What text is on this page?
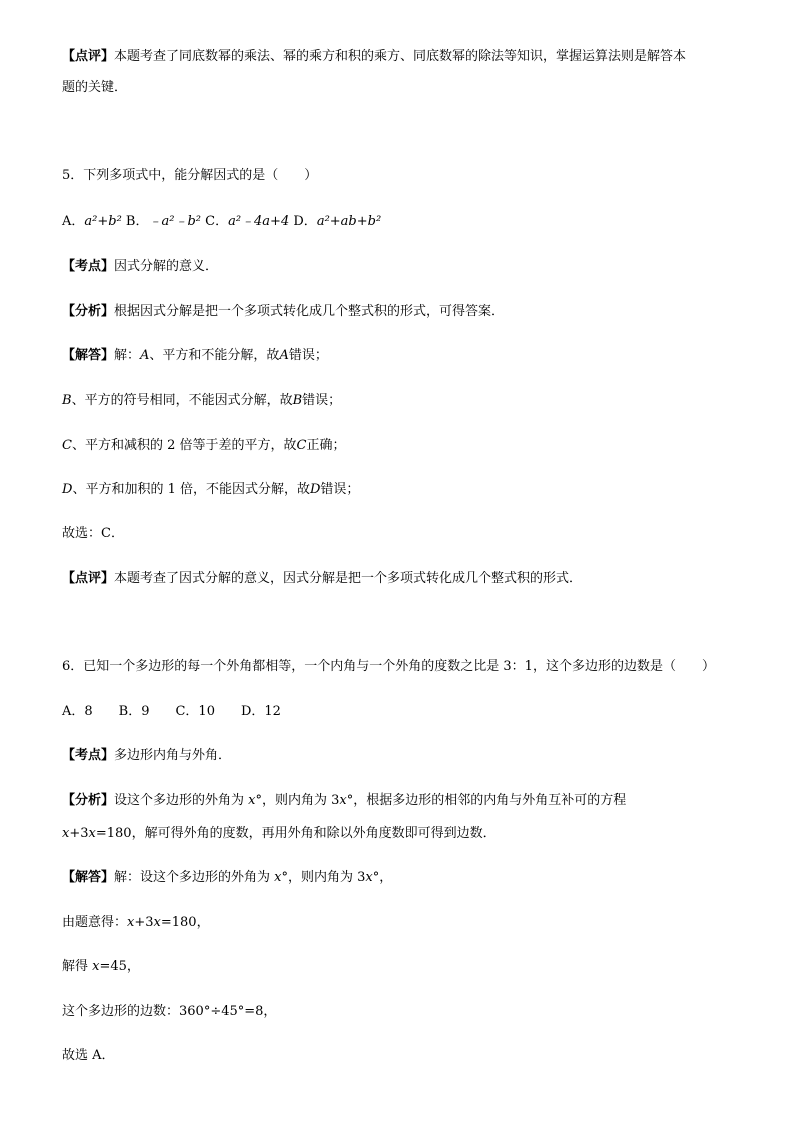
【点评】本题考查了同底数幂的乘法、幂的乘方和积的乘方、同底数幂的除法等知识，掌握运算法则是解答本
题的关键．
5．下列多项式中，能分解因式的是（　　）
A．a²+b² B．﹣a²﹣b² C．a²﹣4a+4 D．a²+ab+b²
【考点】因式分解的意义．
【分析】根据因式分解是把一个多项式转化成几个整式积的形式，可得答案．
【解答】解：A、平方和不能分解，故A错误；
B、平方的符号相同，不能因式分解，故B错误；
C、平方和减积的 2 倍等于差的平方，故C正确；
D、平方和加积的 1 倍，不能因式分解，故D错误；
故选：C．
【点评】本题考查了因式分解的意义，因式分解是把一个多项式转化成几个整式积的形式．
6．已知一个多边形的每一个外角都相等，一个内角与一个外角的度数之比是 3：1，这个多边形的边数是（　　）
A．8　　B．9　　C．10　　D．12
【考点】多边形内角与外角．
【分析】设这个多边形的外角为 x°，则内角为 3x°，根据多边形的相邻的内角与外角互补可的方程
x+3x=180，解可得外角的度数，再用外角和除以外角度数即可得到边数．
【解答】解：设这个多边形的外角为 x°，则内角为 3x°，
由题意得：x+3x=180，
解得 x=45，
这个多边形的边数：360°÷45°=8，
故选 A．
